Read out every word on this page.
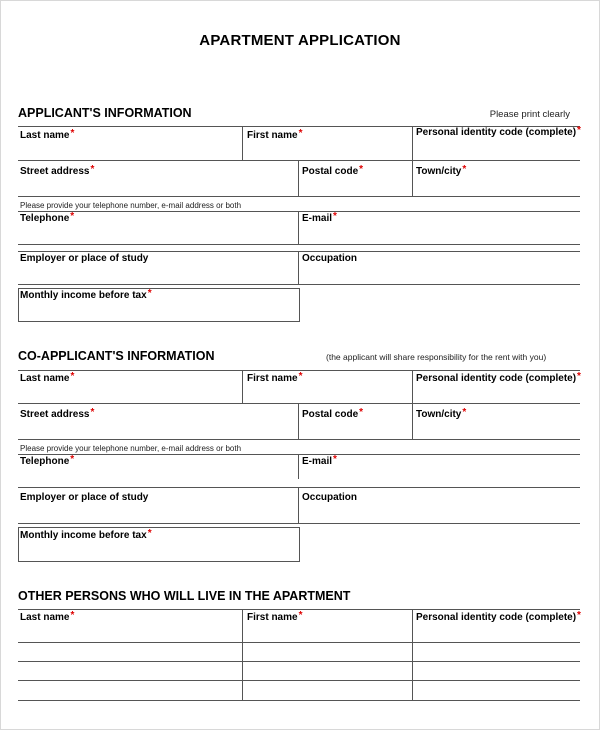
APARTMENT APPLICATION
APPLICANT'S INFORMATION	Please print clearly
Last name*	First name*	Personal identity code (complete)*
Street address*	Postal code*	Town/city*
Please provide your telephone number, e-mail address or both
Telephone*	E-mail*
Employer or place of study	Occupation
Monthly income before tax*
CO-APPLICANT'S INFORMATION	(the applicant will share responsibility for the rent with you)
Last name*	First name*	Personal identity code (complete)*
Street address*	Postal code*	Town/city*
Please provide your telephone number, e-mail address or both
Telephone*	E-mail*
Employer or place of study	Occupation
Monthly income before tax*
OTHER PERSONS WHO WILL LIVE IN THE APARTMENT
Last name*	First name*	Personal identity code (complete)*
